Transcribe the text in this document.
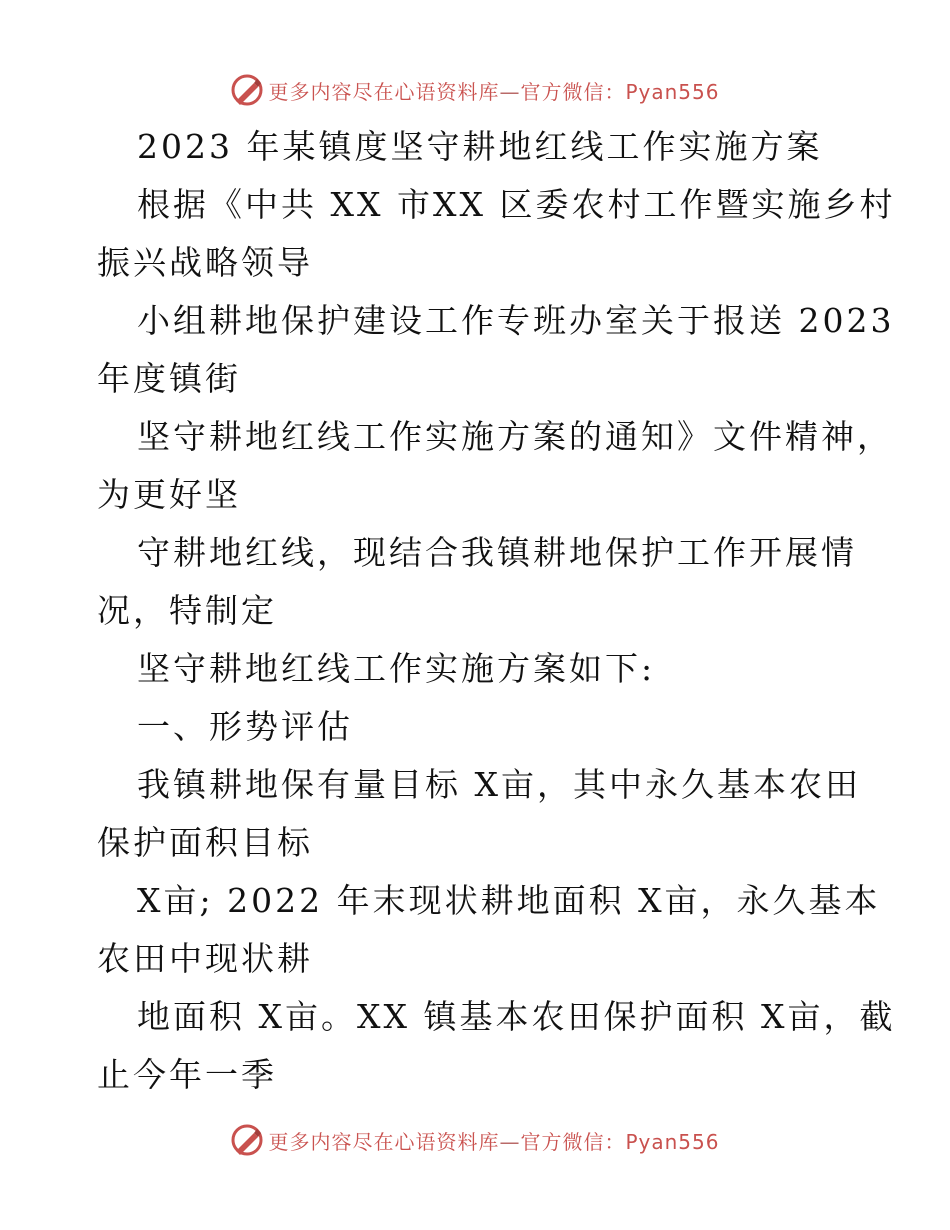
更多内容尽在心语资料库—官方微信：Pyan556
2023 年某镇度坚守耕地红线工作实施方案
根据《中共 XX 市XX 区委农村工作暨实施乡村
振兴战略领导
小组耕地保护建设工作专班办室关于报送 2023
年度镇街
坚守耕地红线工作实施方案的通知》文件精神，
为更好坚
守耕地红线，现结合我镇耕地保护工作开展情
况，特制定
坚守耕地红线工作实施方案如下:
一、形势评估
我镇耕地保有量目标 X亩，其中永久基本农田
保护面积目标
X亩; 2022 年末现状耕地面积 X亩，永久基本
农田中现状耕
地面积 X亩。XX 镇基本农田保护面积 X亩，截
止今年一季
更多内容尽在心语资料库—官方微信：Pyan556
